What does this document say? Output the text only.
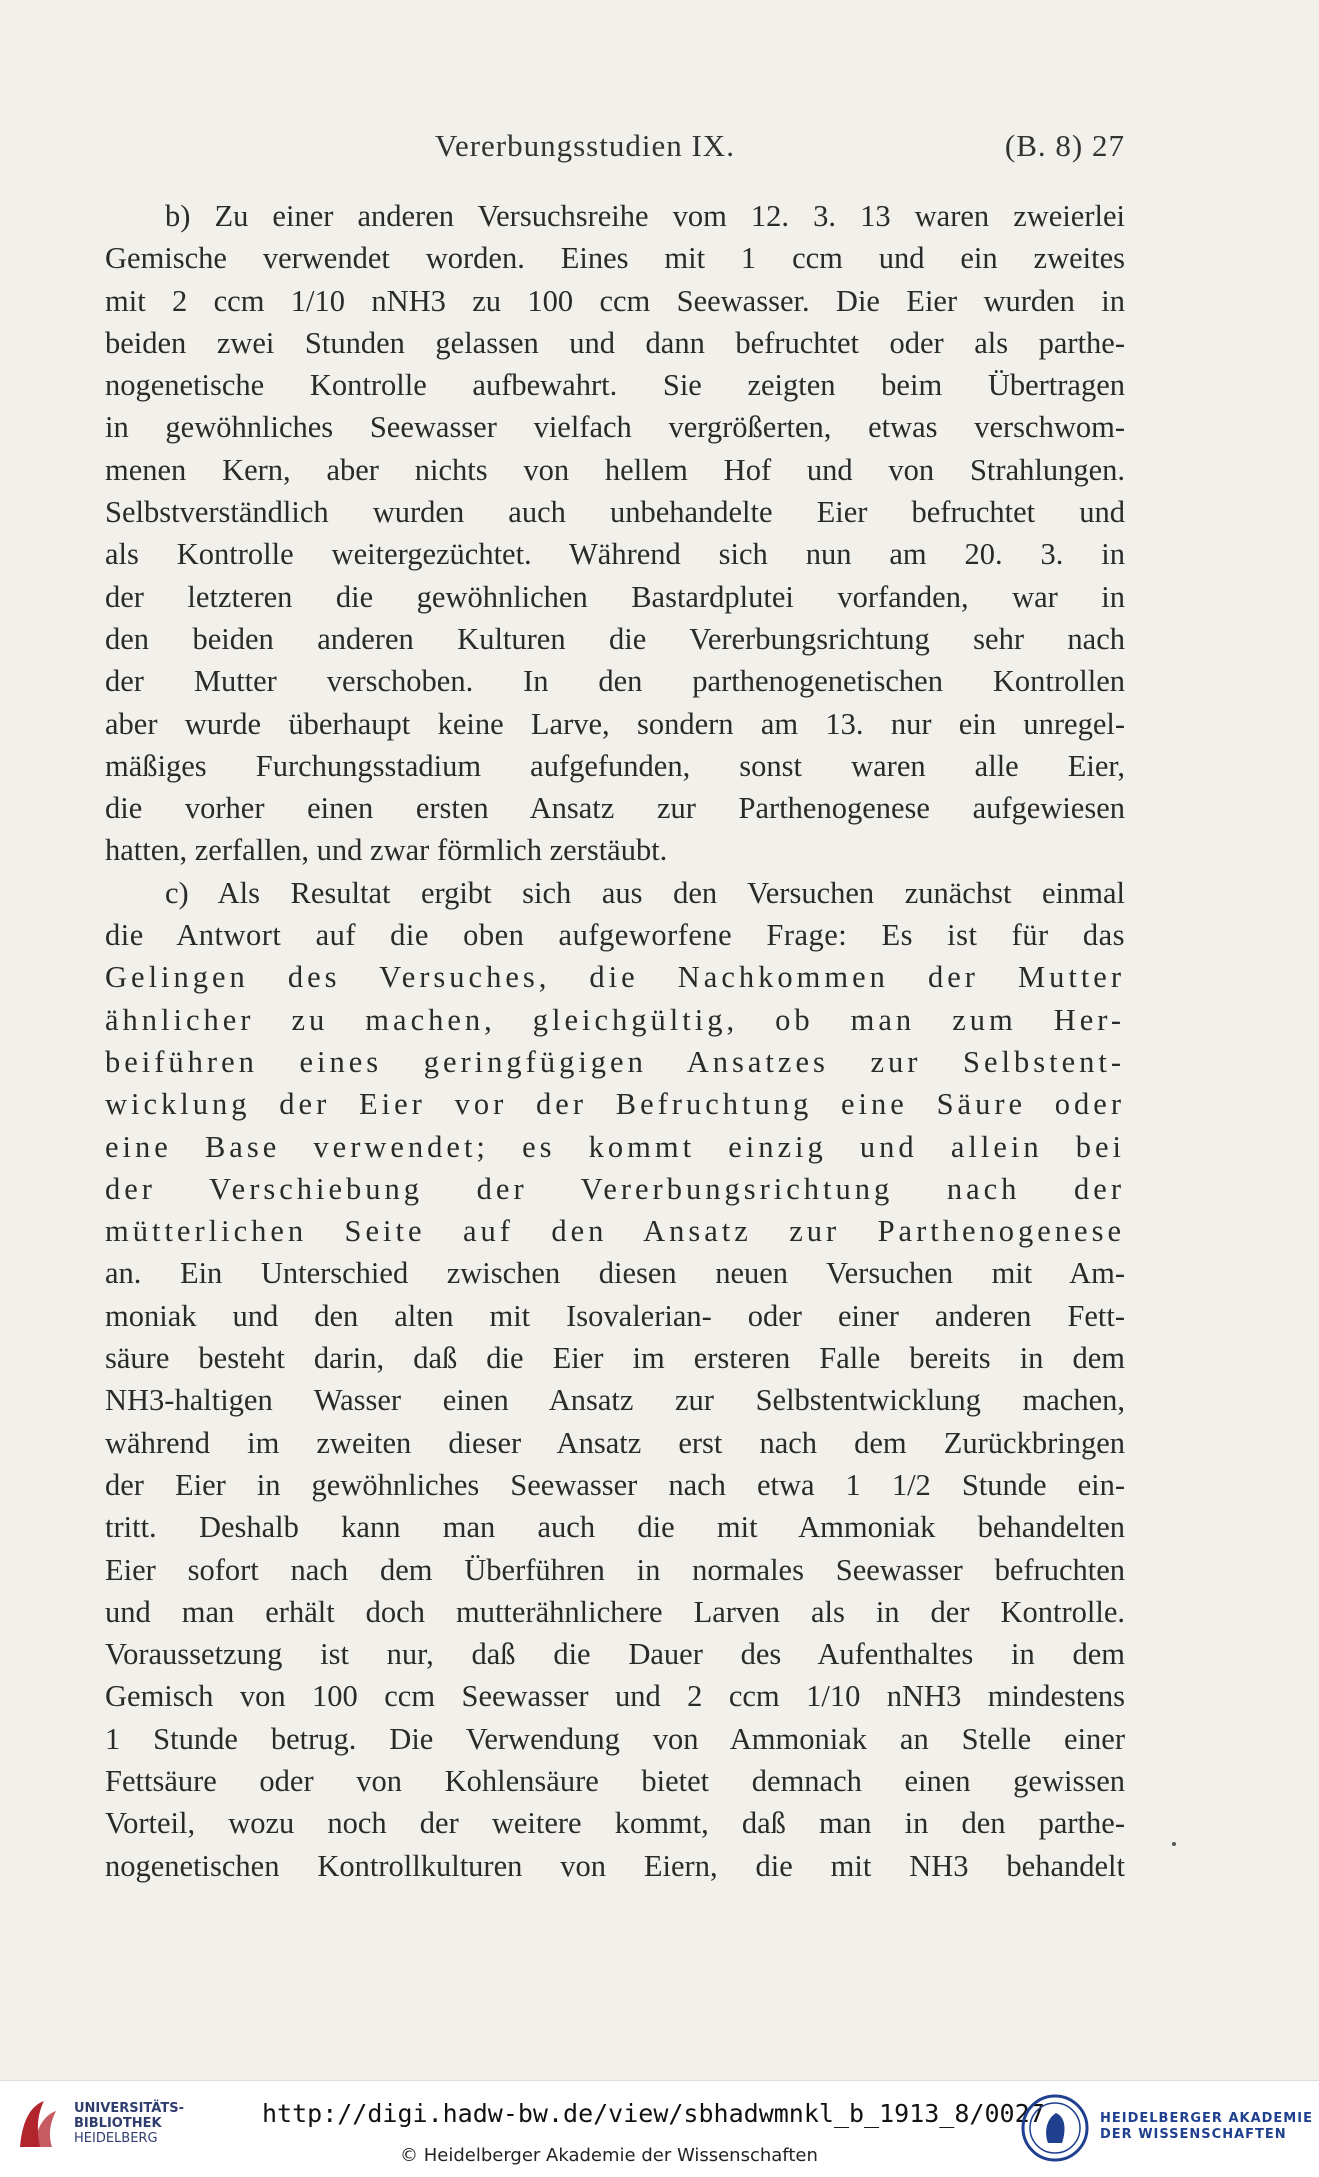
Vererbungsstudien IX.	(B. 8) 27
b) Zu einer anderen Versuchsreihe vom 12. 3. 13 waren zweierlei
Gemische verwendet worden. Eines mit 1 ccm und ein zweites
mit 2 ccm 1/10 nNH3 zu 100 ccm Seewasser. Die Eier wurden in
beiden zwei Stunden gelassen und dann befruchtet oder als parthe-
nogenetische Kontrolle aufbewahrt. Sie zeigten beim Übertragen
in gewöhnliches Seewasser vielfach vergrößerten, etwas verschwom-
menen Kern, aber nichts von hellem Hof und von Strahlungen.
Selbstverständlich wurden auch unbehandelte Eier befruchtet und
als Kontrolle weitergezüchtet. Während sich nun am 20. 3. in
der letzteren die gewöhnlichen Bastardplutei vorfanden, war in
den beiden anderen Kulturen die Vererbungsrichtung sehr nach
der Mutter verschoben. In den parthenogenetischen Kontrollen
aber wurde überhaupt keine Larve, sondern am 13. nur ein unregel-
mäßiges Furchungsstadium aufgefunden, sonst waren alle Eier,
die vorher einen ersten Ansatz zur Parthenogenese aufgewiesen
hatten, zerfallen, und zwar förmlich zerstäubt.
c) Als Resultat ergibt sich aus den Versuchen zunächst einmal
die Antwort auf die oben aufgeworfene Frage: Es ist für das
Gelingen des Versuches, die Nachkommen der Mutter
ähnlicher zu machen, gleichgültig, ob man zum Her-
beiführen eines geringfügigen Ansatzes zur Selbstent-
wicklung der Eier vor der Befruchtung eine Säure oder
eine Base verwendet; es kommt einzig und allein bei
der Verschiebung der Vererbungsrichtung nach der
mütterlichen Seite auf den Ansatz zur Parthenogenese
an. Ein Unterschied zwischen diesen neuen Versuchen mit Am-
moniak und den alten mit Isovalerian- oder einer anderen Fett-
säure besteht darin, daß die Eier im ersteren Falle bereits in dem
NH3-haltigen Wasser einen Ansatz zur Selbstentwicklung machen,
während im zweiten dieser Ansatz erst nach dem Zurückbringen
der Eier in gewöhnliches Seewasser nach etwa 1 1/2 Stunde ein-
tritt. Deshalb kann man auch die mit Ammoniak behandelten
Eier sofort nach dem Überführen in normales Seewasser befruchten
und man erhält doch mutterähnlichere Larven als in der Kontrolle.
Voraussetzung ist nur, daß die Dauer des Aufenthaltes in dem
Gemisch von 100 ccm Seewasser und 2 ccm 1/10 nNH3 mindestens
1 Stunde betrug. Die Verwendung von Ammoniak an Stelle einer
Fettsäure oder von Kohlensäure bietet demnach einen gewissen
Vorteil, wozu noch der weitere kommt, daß man in den parthe-
nogenetischen Kontrollkulturen von Eiern, die mit NH3 behandelt
UNIVERSITÄTS-
BIBLIOTHEK
HEIDELBERG
http://digi.hadw-bw.de/view/sbhadwmnkl_b_1913_8/0027
© Heidelberger Akademie der Wissenschaften
HEIDELBERGER AKADEMIE
DER WISSENSCHAFTEN
